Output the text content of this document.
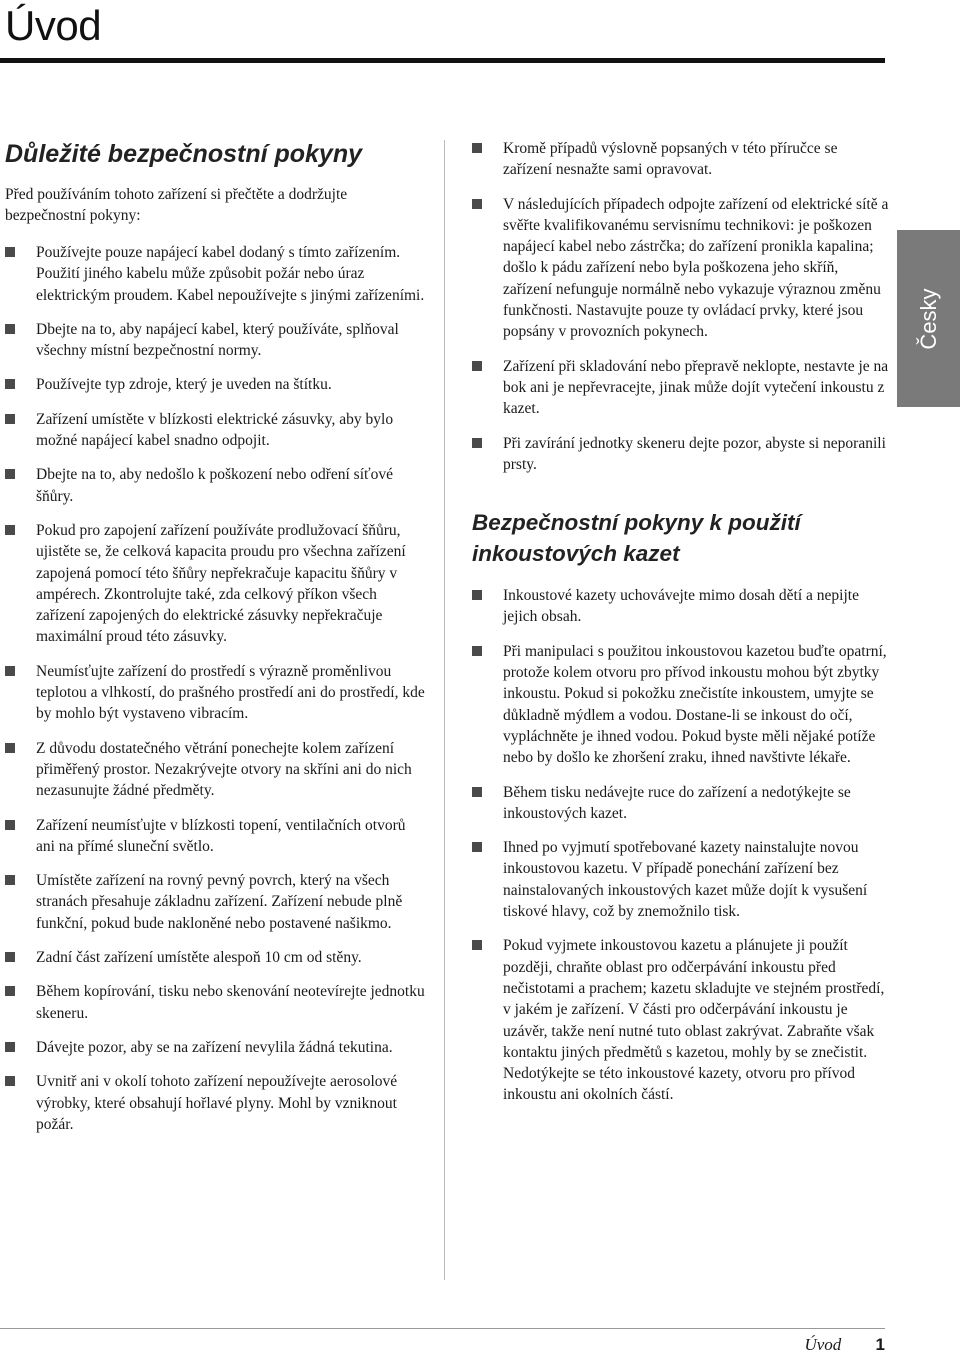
Úvod
Česky
Důležité bezpečnostní pokyny

Před používáním tohoto zařízení si přečtěte a dodržujte bezpečnostní pokyny:

Používejte pouze napájecí kabel dodaný s tímto zařízením. Použití jiného kabelu může způsobit požár nebo úraz elektrickým proudem. Kabel nepoužívejte s jinými zařízeními.
Dbejte na to, aby napájecí kabel, který používáte, splňoval všechny místní bezpečnostní normy.
Používejte typ zdroje, který je uveden na štítku.
Zařízení umístěte v blízkosti elektrické zásuvky, aby bylo možné napájecí kabel snadno odpojit.
Dbejte na to, aby nedošlo k poškození nebo odření síťové šňůry.
Pokud pro zapojení zařízení používáte prodlužovací šňůru, ujistěte se, že celková kapacita proudu pro všechna zařízení zapojená pomocí této šňůry nepřekračuje kapacitu šňůry v ampérech. Zkontrolujte také, zda celkový příkon všech zařízení zapojených do elektrické zásuvky nepřekračuje maximální proud této zásuvky.
Neumísťujte zařízení do prostředí s výrazně proměnlivou teplotou a vlhkostí, do prašného prostředí ani do prostředí, kde by mohlo být vystaveno vibracím.
Z důvodu dostatečného větrání ponechejte kolem zařízení přiměřený prostor. Nezakrývejte otvory na skříni ani do nich nezasunujte žádné předměty.
Zařízení neumísťujte v blízkosti topení, ventilačních otvorů ani na přímé sluneční světlo.
Umístěte zařízení na rovný pevný povrch, který na všech stranách přesahuje základnu zařízení. Zařízení nebude plně funkční, pokud bude nakloněné nebo postavené našikmo.
Zadní část zařízení umístěte alespoň 10 cm od stěny.
Během kopírování, tisku nebo skenování neotevírejte jednotku skeneru.
Dávejte pozor, aby se na zařízení nevylila žádná tekutina.
Uvnitř ani v okolí tohoto zařízení nepoužívejte aerosolové výrobky, které obsahují hořlavé plyny. Mohl by vzniknout požár.
Kromě případů výslovně popsaných v této příručce se zařízení nesnažte sami opravovat.
V následujících případech odpojte zařízení od elektrické sítě a svěřte kvalifikovanému servisnímu technikovi: je poškozen napájecí kabel nebo zástrčka; do zařízení pronikla kapalina; došlo k pádu zařízení nebo byla poškozena jeho skříň, zařízení nefunguje normálně nebo vykazuje výraznou změnu funkčnosti. Nastavujte pouze ty ovládací prvky, které jsou popsány v provozních pokynech.
Zařízení při skladování nebo přepravě neklopte, nestavte je na bok ani je nepřevracejte, jinak může dojít vytečení inkoustu z kazet.
Při zavírání jednotky skeneru dejte pozor, abyste si neporanili prsty.
Bezpečnostní pokyny k použití inkoustových kazet
Inkoustové kazety uchovávejte mimo dosah dětí a nepijte jejich obsah.
Při manipulaci s použitou inkoustovou kazetou buďte opatrní, protože kolem otvoru pro přívod inkoustu mohou být zbytky inkoustu. Pokud si pokožku znečistíte inkoustem, umyjte se důkladně mýdlem a vodou. Dostane-li se inkoust do očí, vypláchněte je ihned vodou. Pokud byste měli nějaké potíže nebo by došlo ke zhoršení zraku, ihned navštivte lékaře.
Během tisku nedávejte ruce do zařízení a nedotýkejte se inkoustových kazet.
Ihned po vyjmutí spotřebované kazety nainstalujte novou inkoustovou kazetu. V případě ponechání zařízení bez nainstalovaných inkoustových kazet může dojít k vysušení tiskové hlavy, což by znemožnilo tisk.
Pokud vyjmete inkoustovou kazetu a plánujete ji použít později, chraňte oblast pro odčerpávání inkoustu před nečistotami a prachem; kazetu skladujte ve stejném prostředí, v jakém je zařízení. V části pro odčerpávání inkoustu je uzávěr, takže není nutné tuto oblast zakrývat. Zabraňte však kontaktu jiných předmětů s kazetou, mohly by se znečistit. Nedotýkejte se této inkoustové kazety, otvoru pro přívod inkoustu ani okolních částí.
Úvod 1
